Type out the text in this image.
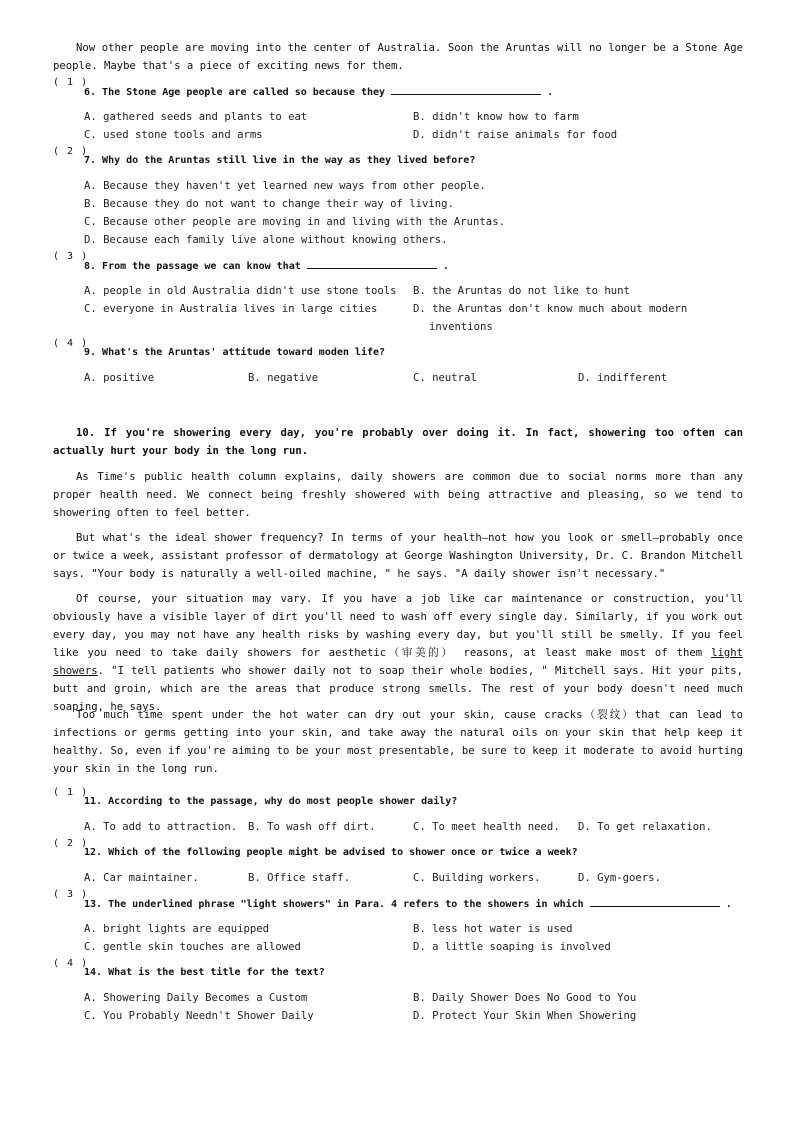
Now other people are moving into the center of Australia. Soon the Aruntas will no longer be a Stone Age people. Maybe that's a piece of exciting news for them.
( 1 )
6. The Stone Age people are called so because they	.
A. gathered seeds and plants to eat	B. didn't know how to farm
C. used stone tools and arms	D. didn't raise animals for food
( 2 )
7. Why do the Aruntas still live in the way as they lived before?
A. Because they haven't yet learned new ways from other people.
B. Because they do not want to change their way of living.
C. Because other people are moving in and living with the Aruntas.
D. Because each family live alone without knowing others.
( 3 )
8. From the passage we can know that	.
A. people in old Australia didn't use stone tools B. the Aruntas do not like to hunt
C. everyone in Australia lives in large cities	D. the Aruntas don't know much about modern inventions
( 4 )
9. What's the Aruntas' attitude toward moden life?
A. positive	B. negative	C. neutral	D. indifferent
10. If you're showering every day, you're probably over doing it. In fact, showering too often can actually hurt your body in the long run.
As Time's public health column explains, daily showers are common due to social norms more than any proper health need. We connect being freshly showered with being attractive and pleasing, so we tend to showering often to feel better.
But what's the ideal shower frequency? In terms of your health—not how you look or smell—probably once or twice a week, assistant professor of dermatology at George Washington University, Dr. C. Brandon Mitchell says. "Your body is naturally a well-oiled machine, " he says. "A daily shower isn't necessary."
Of course, your situation may vary. If you have a job like car maintenance or construction, you'll obviously have a visible layer of dirt you'll need to wash off every single day. Similarly, if you work out every day, you may not have any health risks by washing every day, but you'll still be smelly. If you feel like you need to take daily showers for aesthetic（审美的） reasons, at least make most of them light showers. "I tell patients who shower daily not to soap their whole bodies, " Mitchell says. Hit your pits, butt and groin, which are the areas that produce strong smells. The rest of your body doesn't need much soaping, he says.
Too much time spent under the hot water can dry out your skin, cause cracks（裂纹）that can lead to infections or germs getting into your skin, and take away the natural oils on your skin that help keep it healthy. So, even if you're aiming to be your most presentable, be sure to keep it moderate to avoid hurting your skin in the long run.
( 1 )
11. According to the passage, why do most people shower daily?
A. To add to attraction. B. To wash off dirt.	C. To meet health need. D. To get relaxation.
( 2 )
12. Which of the following people might be advised to shower once or twice a week?
A. Car maintainer.	B. Office staff.	C. Building workers.	D. Gym-goers.
( 3 )
13. The underlined phrase "light showers" in Para. 4 refers to the showers in which	.
A. bright lights are equipped	B. less hot water is used
C. gentle skin touches are allowed	D. a little soaping is involved
( 4 )
14. What is the best title for the text?
A. Showering Daily Becomes a Custom	B. Daily Shower Does No Good to You
C. You Probably Needn't Shower Daily	D. Protect Your Skin When Showering
